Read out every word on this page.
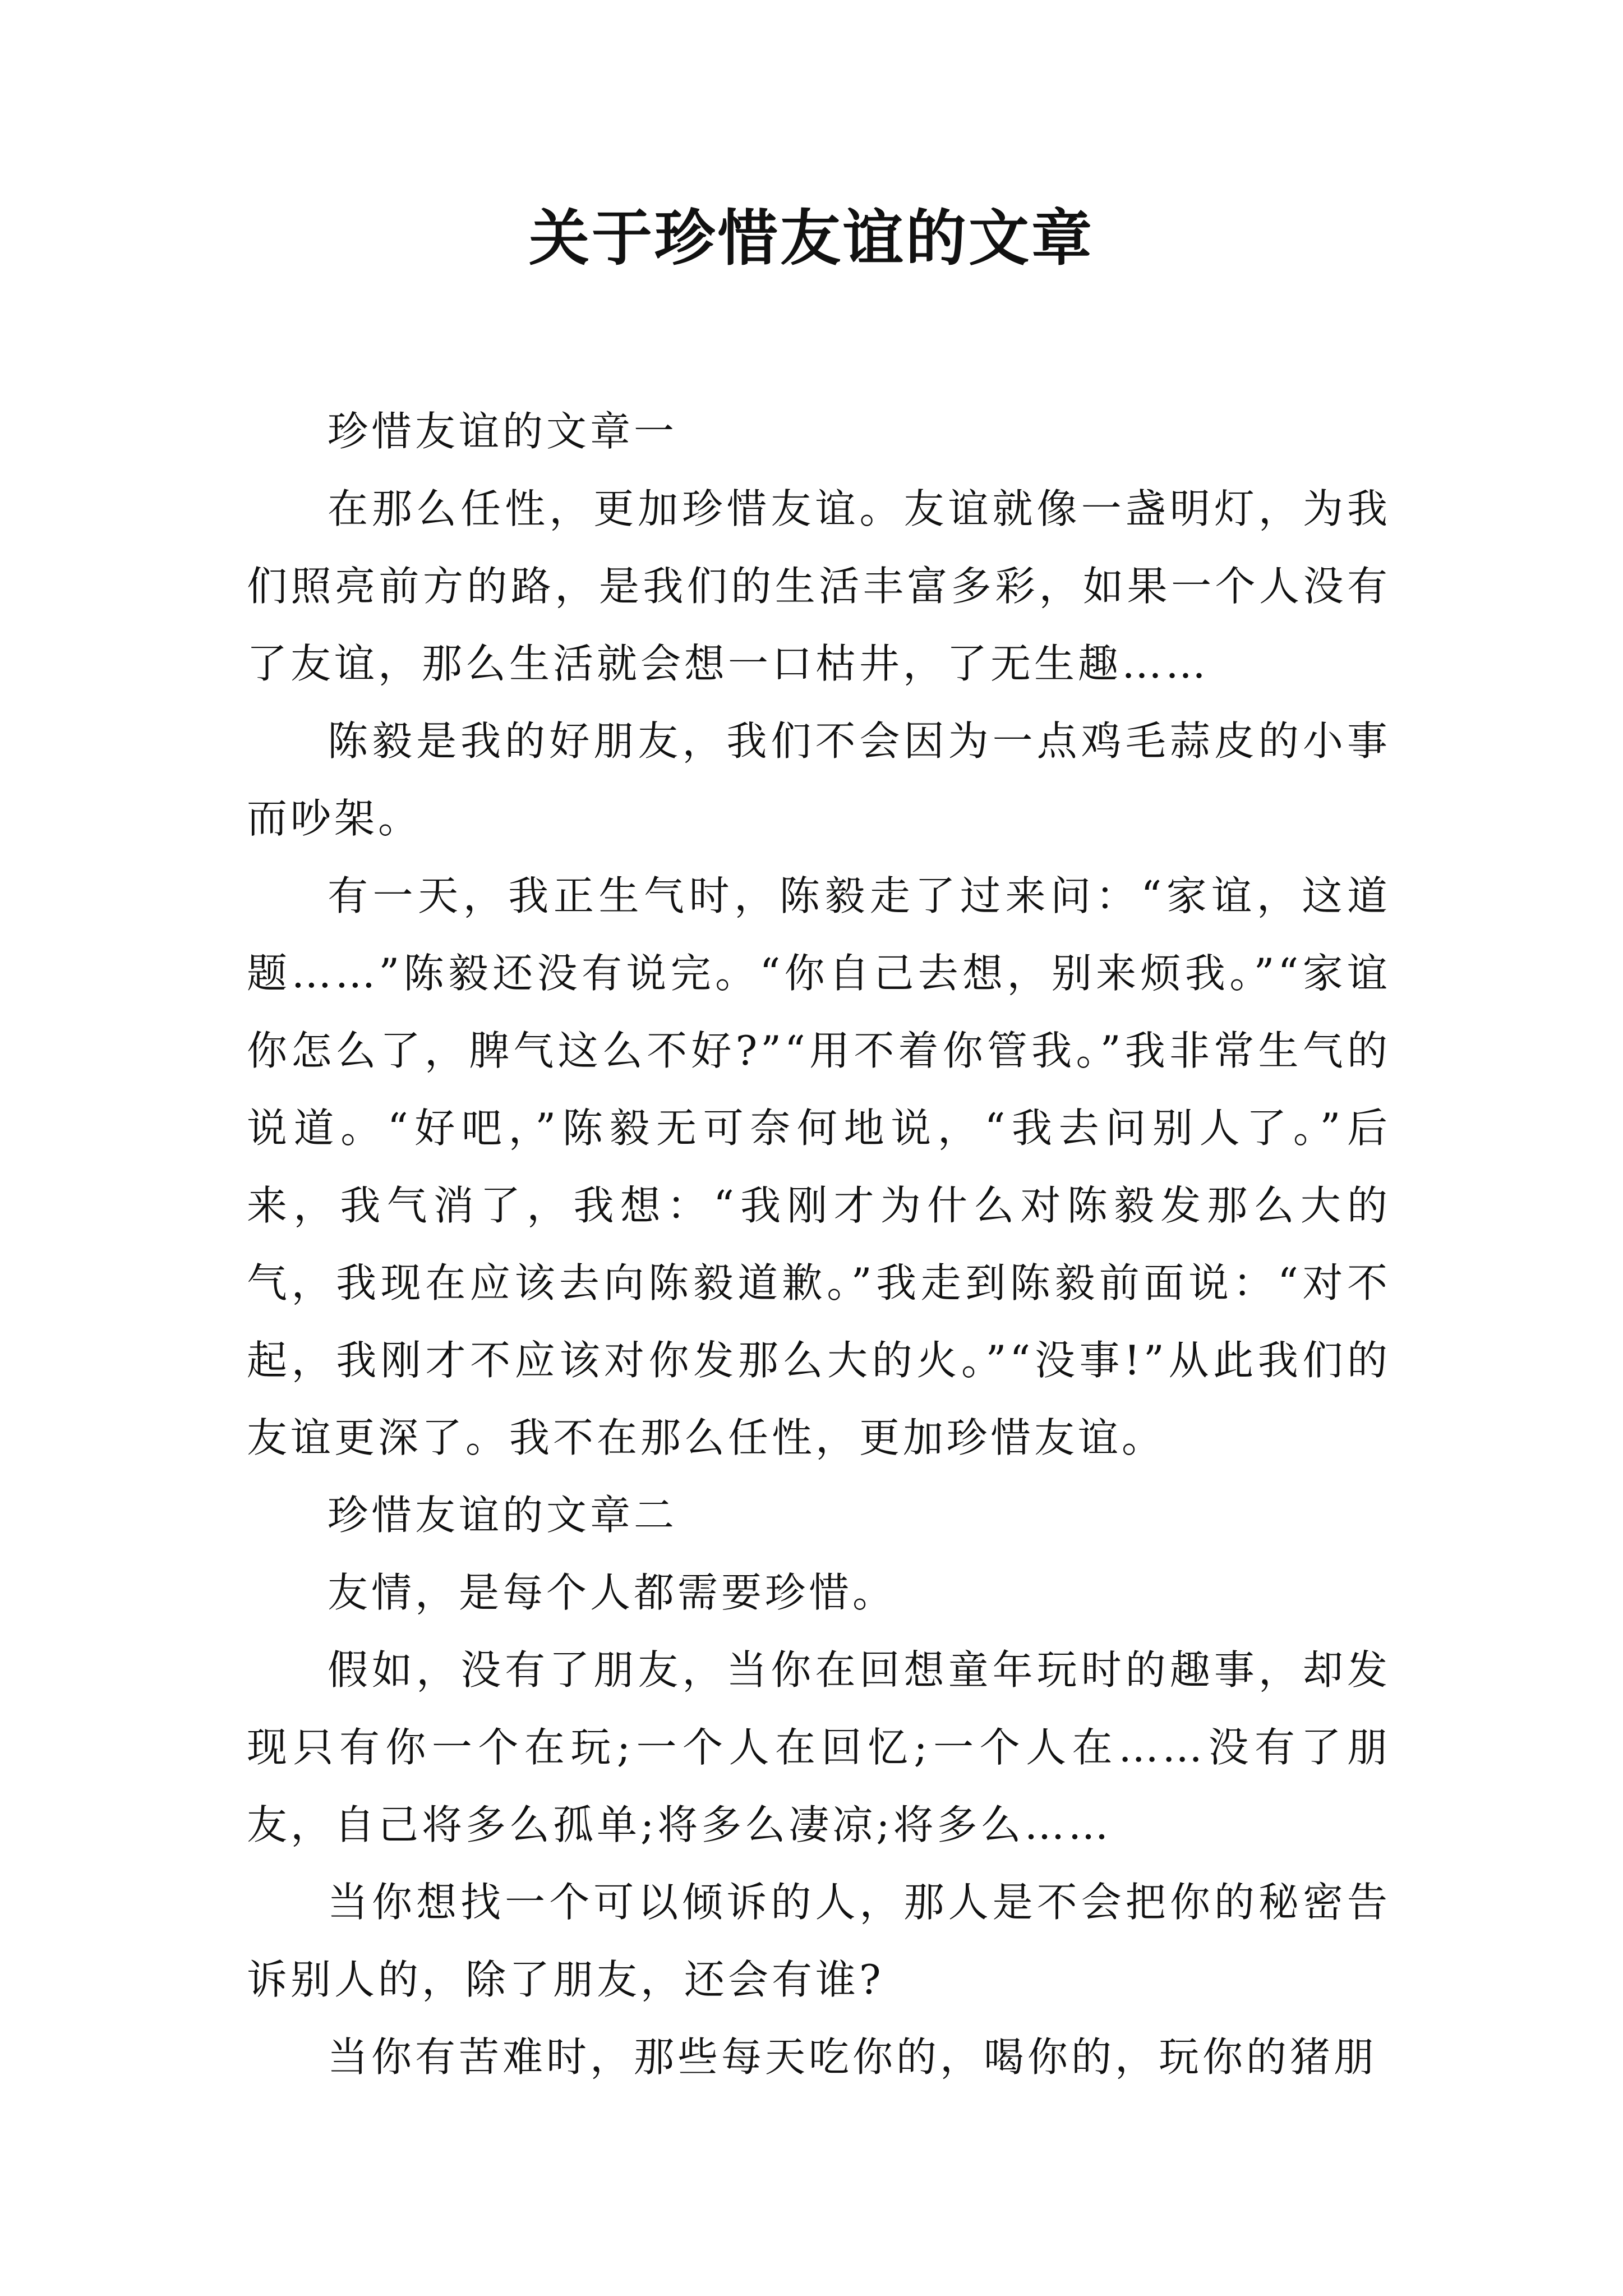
关于珍惜友谊的文章

珍惜友谊的文章一

在那么任性，更加珍惜友谊。友谊就像一盏明灯，为我们照亮前方的路，是我们的生活丰富多彩，如果一个人没有了友谊，那么生活就会想一口枯井，了无生趣……

陈毅是我的好朋友，我们不会因为一点鸡毛蒜皮的小事而吵架。

有一天，我正生气时，陈毅走了过来问：“家谊，这道题……”陈毅还没有说完。“你自己去想，别来烦我。”“家谊你怎么了，脾气这么不好?”“用不着你管我。”我非常生气的说道。“好吧，”陈毅无可奈何地说，“我去问别人了。”后来，我气消了，我想：“我刚才为什么对陈毅发那么大的气，我现在应该去向陈毅道歉。”我走到陈毅前面说：“对不起，我刚才不应该对你发那么大的火。”“没事!”从此我们的友谊更深了。我不在那么任性，更加珍惜友谊。

珍惜友谊的文章二

友情，是每个人都需要珍惜。

假如，没有了朋友，当你在回想童年玩时的趣事，却发现只有你一个在玩;一个人在回忆;一个人在……没有了朋友，自己将多么孤单;将多么凄凉;将多么……

当你想找一个可以倾诉的人，那人是不会把你的秘密告诉别人的，除了朋友，还会有谁?

当你有苦难时，那些每天吃你的，喝你的，玩你的猪朋
